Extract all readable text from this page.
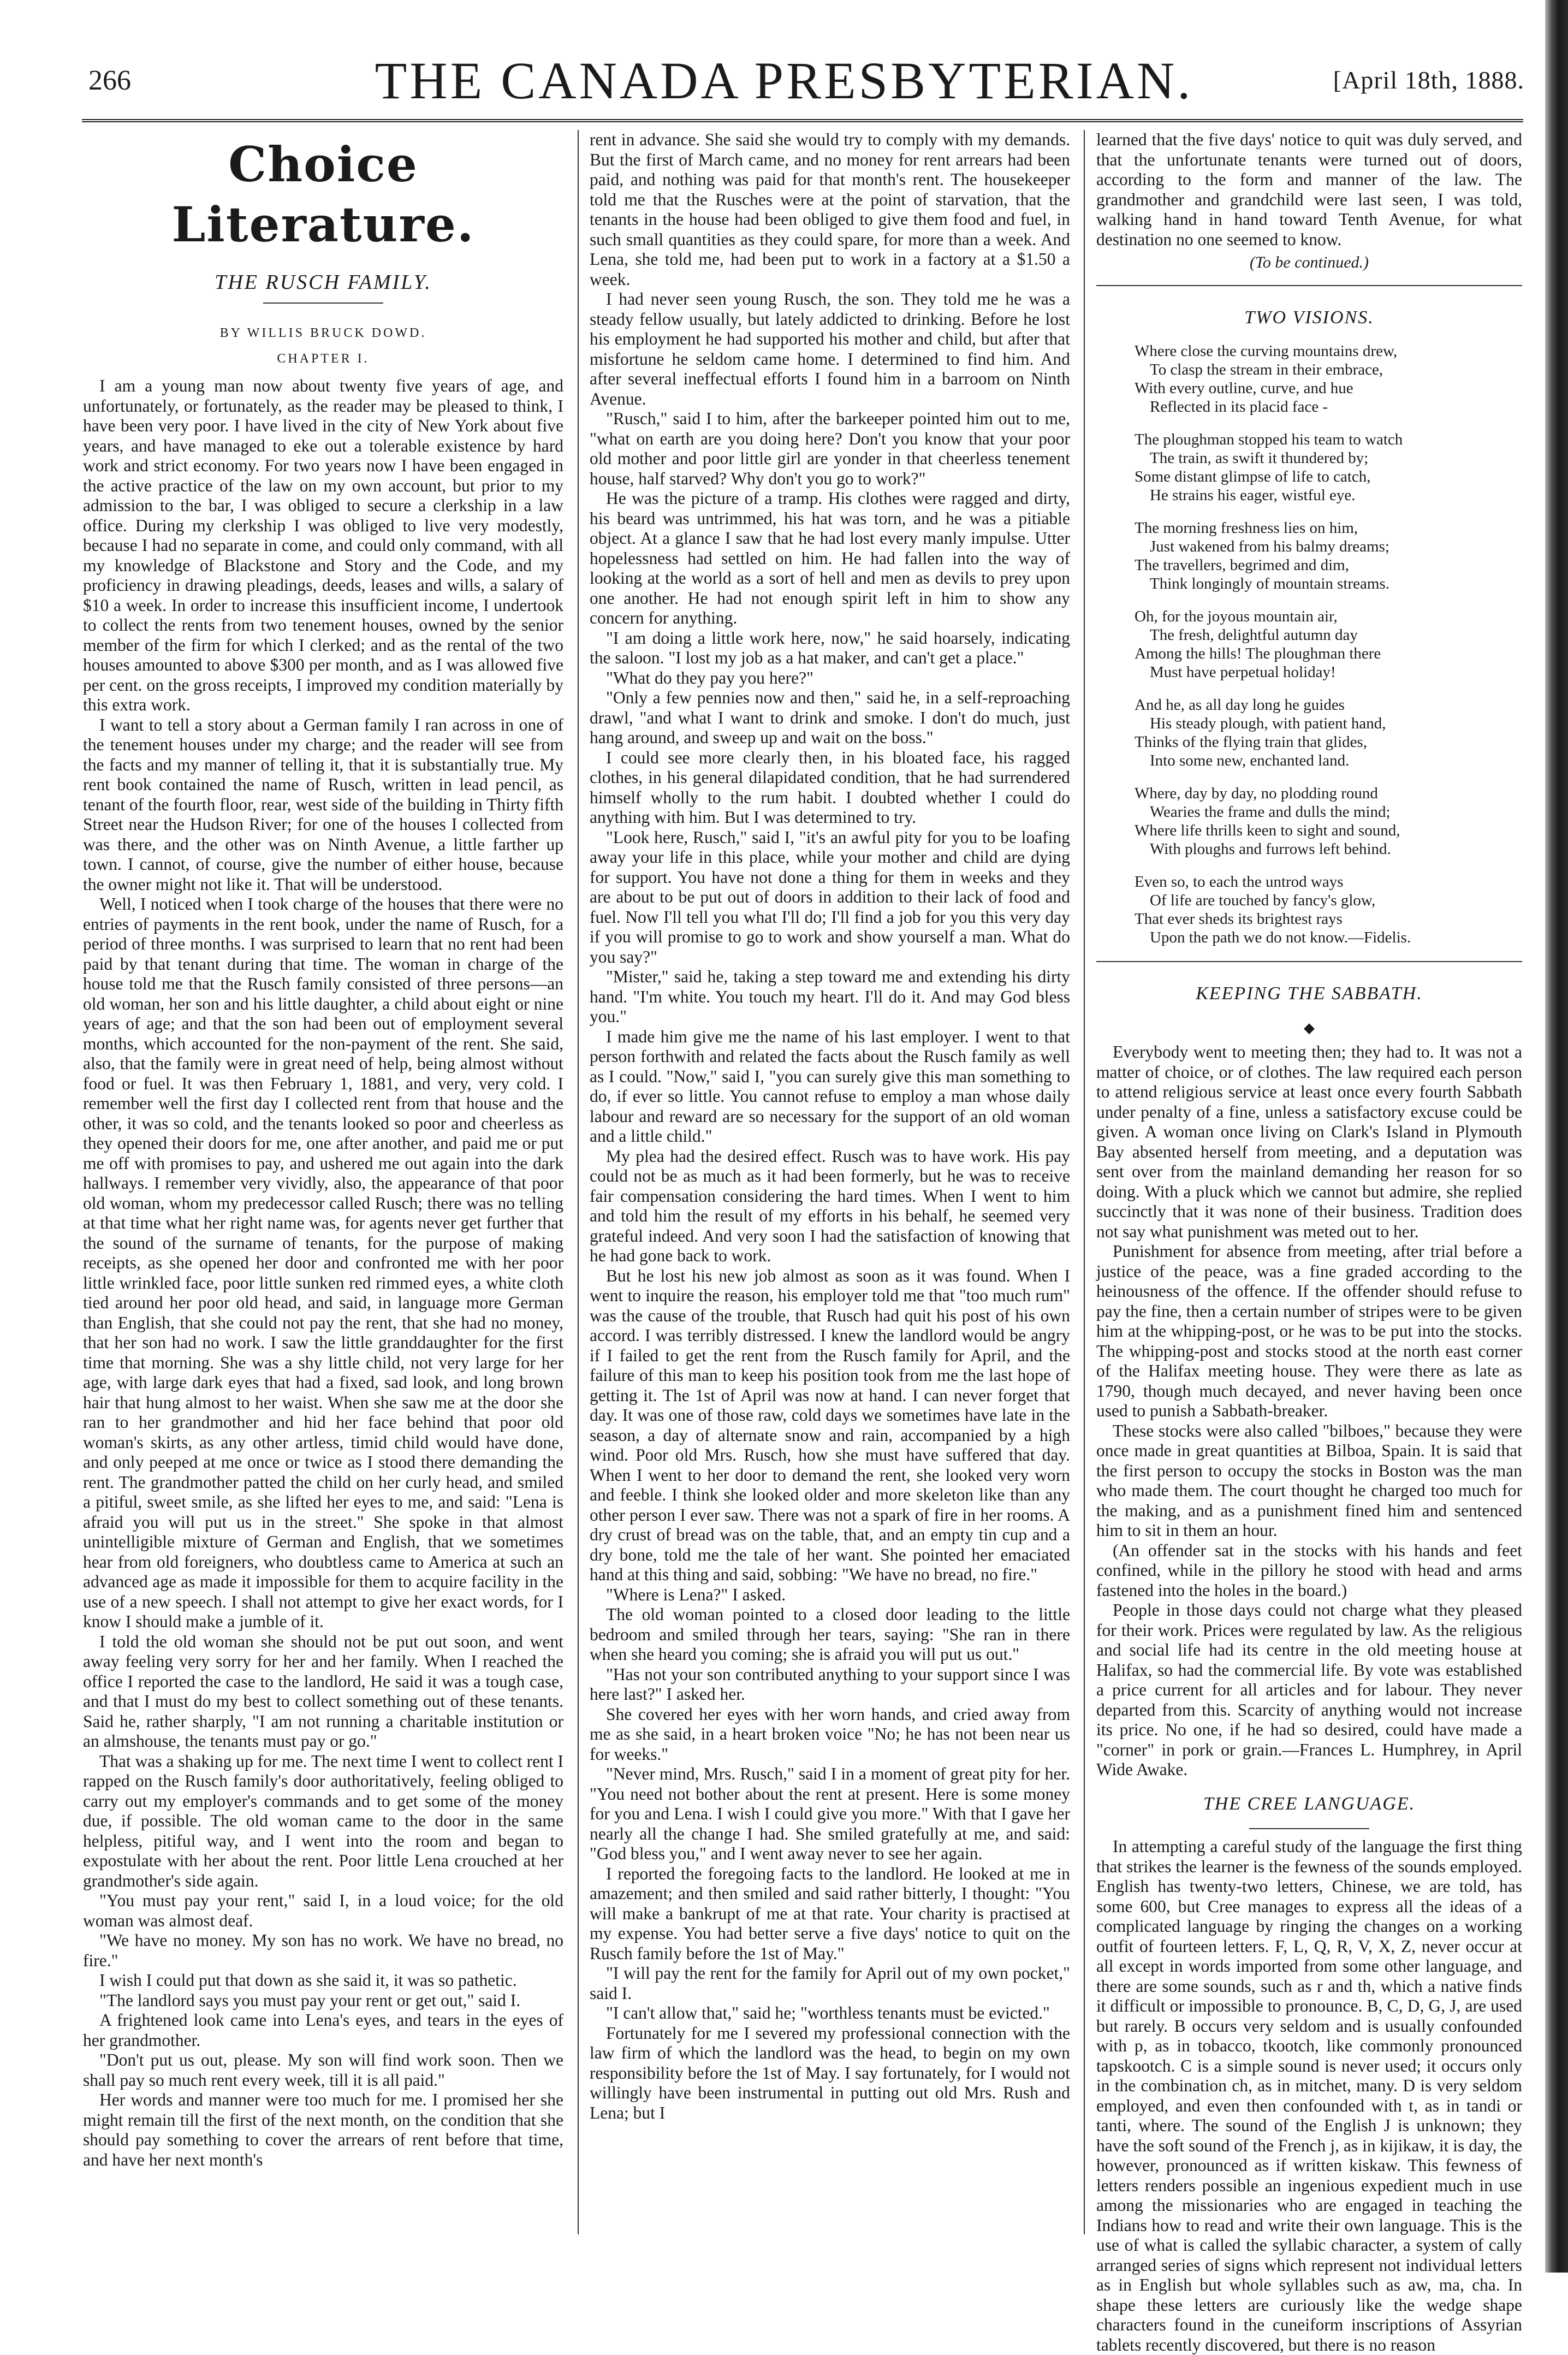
266	THE CANADA PRESBYTERIAN.	[April 18th, 1888.
Choice Literature.
THE RUSCH FAMILY.
BY WILLIS BRUCK DOWD.
CHAPTER I.

I am a young man now about twenty five years of age, and unfortunately, or fortunately, as the reader may be pleased to think, I have been very poor. I have lived in the city of New York about five years, and have managed to eke out a tolerable existence by hard work and strict economy. For two years now I have been engaged in the active practice of the law on my own account, but prior to my admission to the bar, I was obliged to secure a clerkship in a law office. During my clerkship I was obliged to live very modestly, because I had no separate in come, and could only command, with all my knowledge of Blackstone and Story and the Code, and my proficiency in drawing pleadings, deeds, leases and wills, a salary of $10 a week. In order to increase this insufficient income, I undertook to collect the rents from two tenement houses, owned by the senior member of the firm for which I clerked; and as the rental of the two houses amounted to above $300 per month, and as I was allowed five per cent. on the gross receipts, I improved my condition materially by this extra work.

I want to tell a story about a German family I ran across in one of the tenement houses under my charge; and the reader will see from the facts and my manner of telling it, that it is substantially true. My rent book contained the name of Rusch, written in lead pencil, as tenant of the fourth floor, rear, west side of the building in Thirty fifth Street near the Hudson River; for one of the houses I collected from was there, and the other was on Ninth Avenue, a little farther up town. I cannot, of course, give the number of either house, because the owner might not like it. That will be understood.

Well, I noticed when I took charge of the houses that there were no entries of payments in the rent book, under the name of Rusch, for a period of three months. I was surprised to learn that no rent had been paid by that tenant during that time. The woman in charge of the house told me that the Rusch family consisted of three persons—an old woman, her son and his little daughter, a child about eight or nine years of age; and that the son had been out of employment several months, which accounted for the non-payment of the rent. She said, also, that the family were in great need of help, being almost without food or fuel. It was then February 1, 1881, and very, very cold. I remember well the first day I collected rent from that house and the other, it was so cold, and the tenants looked so poor and cheerless as they opened their doors for me, one after another, and paid me or put me off with promises to pay, and ushered me out again into the dark hallways. I remember very vividly, also, the appearance of that poor old woman, whom my predecessor called Rusch; there was no telling at that time what her right name was, for agents never get further that the sound of the surname of tenants, for the purpose of making receipts, as she opened her door and confronted me with her poor little wrinkled face, poor little sunken red rimmed eyes, a white cloth tied around her poor old head, and said, in language more German than English, that she could not pay the rent, that she had no money, that her son had no work. I saw the little granddaughter for the first time that morning. She was a shy little child, not very large for her age, with large dark eyes that had a fixed, sad look, and long brown hair that hung almost to her waist. When she saw me at the door she ran to her grandmother and hid her face behind that poor old woman's skirts, as any other artless, timid child would have done, and only peeped at me once or twice as I stood there demanding the rent. The grandmother patted the child on her curly head, and smiled a pitiful, sweet smile, as she lifted her eyes to me, and said: "Lena is afraid you will put us in the street." She spoke in that almost unintelligible mixture of German and English, that we sometimes hear from old foreigners, who doubtless came to America at such an advanced age as made it impossible for them to acquire facility in the use of a new speech. I shall not attempt to give her exact words, for I know I should make a jumble of it.

I told the old woman she should not be put out soon, and went away feeling very sorry for her and her family. When I reached the office I reported the case to the landlord, He said it was a tough case, and that I must do my best to collect something out of these tenants. Said he, rather sharply, "I am not running a charitable institution or an almshouse, the tenants must pay or go."

That was a shaking up for me. The next time I went to collect rent I rapped on the Rusch family's door authoritatively, feeling obliged to carry out my employer's commands and to get some of the money due, if possible. The old woman came to the door in the same helpless, pitiful way, and I went into the room and began to expostulate with her about the rent. Poor little Lena crouched at her grandmother's side again.

"You must pay your rent," said I, in a loud voice; for the old woman was almost deaf.

"We have no money. My son has no work. We have no bread, no fire."

I wish I could put that down as she said it, it was so pathetic.

"The landlord says you must pay your rent or get out," said I.

A frightened look came into Lena's eyes, and tears in the eyes of her grandmother.

"Don't put us out, please. My son will find work soon. Then we shall pay so much rent every week, till it is all paid."

Her words and manner were too much for me. I promised her she might remain till the first of the next month, on the condition that she should pay something to cover the arrears of rent before that time, and have her next month's

rent in advance. She said she would try to comply with my demands. But the first of March came, and no money for rent arrears had been paid, and nothing was paid for that month's rent. The housekeeper told me that the Rusches were at the point of starvation, that the tenants in the house had been obliged to give them food and fuel, in such small quantities as they could spare, for more than a week. And Lena, she told me, had been put to work in a factory at a $1.50 a week.

I had never seen young Rusch, the son. They told me he was a steady fellow usually, but lately addicted to drinking. Before he lost his employment he had supported his mother and child, but after that misfortune he seldom came home. I determined to find him. And after several ineffectual efforts I found him in a barroom on Ninth Avenue.

"Rusch," said I to him, after the barkeeper pointed him out to me, "what on earth are you doing here? Don't you know that your poor old mother and poor little girl are yonder in that cheerless tenement house, half starved? Why don't you go to work?"

He was the picture of a tramp. His clothes were ragged and dirty, his beard was untrimmed, his hat was torn, and he was a pitiable object. At a glance I saw that he had lost every manly impulse. Utter hopelessness had settled on him. He had fallen into the way of looking at the world as a sort of hell and men as devils to prey upon one another. He had not enough spirit left in him to show any concern for anything.

"I am doing a little work here, now," he said hoarsely, indicating the saloon. "I lost my job as a hat maker, and can't get a place."

"What do they pay you here?"

"Only a few pennies now and then," said he, in a self-reproaching drawl, "and what I want to drink and smoke. I don't do much, just hang around, and sweep up and wait on the boss."

I could see more clearly then, in his bloated face, his ragged clothes, in his general dilapidated condition, that he had surrendered himself wholly to the rum habit. I doubted whether I could do anything with him. But I was determined to try.

"Look here, Rusch," said I, "it's an awful pity for you to be loafing away your life in this place, while your mother and child are dying for support. You have not done a thing for them in weeks and they are about to be put out of doors in addition to their lack of food and fuel. Now I'll tell you what I'll do; I'll find a job for you this very day if you will promise to go to work and show yourself a man. What do you say?"

"Mister," said he, taking a step toward me and extending his dirty hand. "I'm white. You touch my heart. I'll do it. And may God bless you."

I made him give me the name of his last employer. I went to that person forthwith and related the facts about the Rusch family as well as I could. "Now," said I, "you can surely give this man something to do, if ever so little. You cannot refuse to employ a man whose daily labour and reward are so necessary for the support of an old woman and a little child."

My plea had the desired effect. Rusch was to have work. His pay could not be as much as it had been formerly, but he was to receive fair compensation considering the hard times. When I went to him and told him the result of my efforts in his behalf, he seemed very grateful indeed. And very soon I had the satisfaction of knowing that he had gone back to work.

But he lost his new job almost as soon as it was found. When I went to inquire the reason, his employer told me that "too much rum" was the cause of the trouble, that Rusch had quit his post of his own accord. I was terribly distressed. I knew the landlord would be angry if I failed to get the rent from the Rusch family for April, and the failure of this man to keep his position took from me the last hope of getting it. The 1st of April was now at hand. I can never forget that day. It was one of those raw, cold days we sometimes have late in the season, a day of alternate snow and rain, accompanied by a high wind. Poor old Mrs. Rusch, how she must have suffered that day. When I went to her door to demand the rent, she looked very worn and feeble. I think she looked older and more skeleton like than any other person I ever saw. There was not a spark of fire in her rooms. A dry crust of bread was on the table, that, and an empty tin cup and a dry bone, told me the tale of her want. She pointed her emaciated hand at this thing and said, sobbing: "We have no bread, no fire."

"Where is Lena?" I asked.

The old woman pointed to a closed door leading to the little bedroom and smiled through her tears, saying: "She ran in there when she heard you coming; she is afraid you will put us out."

"Has not your son contributed anything to your support since I was here last?" I asked her.

She covered her eyes with her worn hands, and cried away from me as she said, in a heart broken voice "No; he has not been near us for weeks."

"Never mind, Mrs. Rusch," said I in a moment of great pity for her. "You need not bother about the rent at present. Here is some money for you and Lena. I wish I could give you more." With that I gave her nearly all the change I had. She smiled gratefully at me, and said: "God bless you," and I went away never to see her again.

I reported the foregoing facts to the landlord. He looked at me in amazement; and then smiled and said rather bitterly, I thought: "You will make a bankrupt of me at that rate. Your charity is practised at my expense. You had better serve a five days' notice to quit on the Rusch family before the 1st of May."

"I will pay the rent for the family for April out of my own pocket," said I.

"I can't allow that," said he; "worthless tenants must be evicted."

Fortunately for me I severed my professional connection with the law firm of which the landlord was the head, to begin on my own responsibility before the 1st of May. I say fortunately, for I would not willingly have been instrumental in putting out old Mrs. Rush and Lena; but I

learned that the five days' notice to quit was duly served, and that the unfortunate tenants were turned out of doors, according to the form and manner of the law. The grandmother and grandchild were last seen, I was told, walking hand in hand toward Tenth Avenue, for what destination no one seemed to know.

(To be continued.)
TWO VISIONS.
Where close the curving mountains drew,
To clasp the stream in their embrace,
With every outline, curve, and hue
Reflected in its placid face -
The ploughman stopped his team to watch
The train, as swift it thundered by;
Some distant glimpse of life to catch,
He strains his eager, wistful eye.
The morning freshness lies on him,
Just wakened from his balmy dreams;
The travellers, begrimed and dim,
Think longingly of mountain streams.
Oh, for the joyous mountain air,
The fresh, delightful autumn day
Among the hills! The ploughman there
Must have perpetual holiday!
And he, as all day long he guides
His steady plough, with patient hand,
Thinks of the flying train that glides,
Into some new, enchanted land.
Where, day by day, no plodding round
Wearies the frame and dulls the mind;
Where life thrills keen to sight and sound,
With ploughs and furrows left behind.
Even so, to each the untrod ways
Of life are touched by fancy's glow,
That ever sheds its brightest rays
Upon the path we do not know.—Fidelis.
KEEPING THE SABBATH.
◆

Everybody went to meeting then; they had to. It was not a matter of choice, or of clothes. The law required each person to attend religious service at least once every fourth Sabbath under penalty of a fine, unless a satisfactory excuse could be given. A woman once living on Clark's Island in Plymouth Bay absented herself from meeting, and a deputation was sent over from the mainland demanding her reason for so doing. With a pluck which we cannot but admire, she replied succinctly that it was none of their business. Tradition does not say what punishment was meted out to her.

Punishment for absence from meeting, after trial before a justice of the peace, was a fine graded according to the heinousness of the offence. If the offender should refuse to pay the fine, then a certain number of stripes were to be given him at the whipping-post, or he was to be put into the stocks. The whipping-post and stocks stood at the north east corner of the Halifax meeting house. They were there as late as 1790, though much decayed, and never having been once used to punish a Sabbath-breaker.

These stocks were also called "bilboes," because they were once made in great quantities at Bilboa, Spain. It is said that the first person to occupy the stocks in Boston was the man who made them. The court thought he charged too much for the making, and as a punishment fined him and sentenced him to sit in them an hour.

(An offender sat in the stocks with his hands and feet confined, while in the pillory he stood with head and arms fastened into the holes in the board.)

People in those days could not charge what they pleased for their work. Prices were regulated by law. As the religious and social life had its centre in the old meeting house at Halifax, so had the commercial life. By vote was established a price current for all articles and for labour. They never departed from this. Scarcity of anything would not increase its price. No one, if he had so desired, could have made a "corner" in pork or grain.—Frances L. Humphrey, in April Wide Awake.

THE CREE LANGUAGE.

In attempting a careful study of the language the first thing that strikes the learner is the fewness of the sounds employed. English has twenty-two letters, Chinese, we are told, has some 600, but Cree manages to express all the ideas of a complicated language by ringing the changes on a working outfit of fourteen letters. F, L, Q, R, V, X, Z, never occur at all except in words imported from some other language, and there are some sounds, such as r and th, which a native finds it difficult or impossible to pronounce. B, C, D, G, J, are used but rarely. B occurs very seldom and is usually confounded with p, as in tobacco, tkootch, like commonly pronounced tapskootch. C is a simple sound is never used; it occurs only in the combination ch, as in mitchet, many. D is very seldom employed, and even then confounded with t, as in tandi or tanti, where. The sound of the English J is unknown; they have the soft sound of the French j, as in kijikaw, it is day, the however, pronounced as if written kiskaw. This fewness of letters renders possible an ingenious expedient much in use among the missionaries who are engaged in teaching the Indians how to read and write their own language. This is the use of what is called the syllabic character, a system of cally arranged series of signs which represent not individual letters as in English but whole syllables such as aw, ma, cha. In shape these letters are curiously like the wedge shape characters found in the cuneiform inscriptions of Assyrian tablets recently discovered, but there is no reason
